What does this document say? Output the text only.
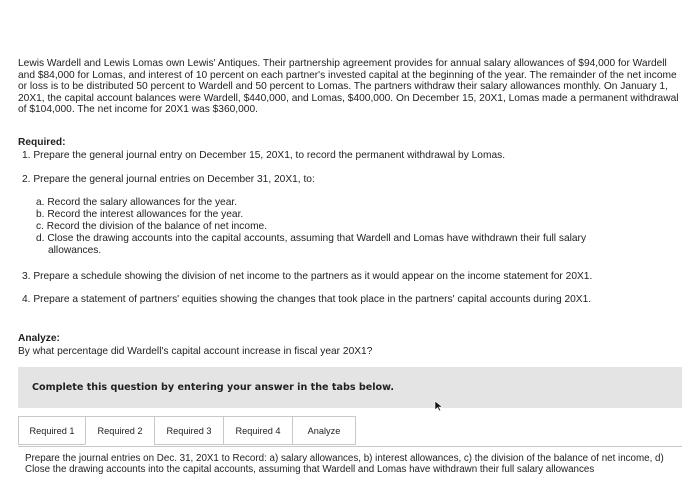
Lewis Wardell and Lewis Lomas own Lewis' Antiques. Their partnership agreement provides for annual salary allowances of $94,000 for Wardell and $84,000 for Lomas, and interest of 10 percent on each partner's invested capital at the beginning of the year. The remainder of the net income or loss is to be distributed 50 percent to Wardell and 50 percent to Lomas. The partners withdraw their salary allowances monthly. On January 1, 20X1, the capital account balances were Wardell, $440,000, and Lomas, $400,000. On December 15, 20X1, Lomas made a permanent withdrawal of $104,000. The net income for 20X1 was $360,000.
Required:
1. Prepare the general journal entry on December 15, 20X1, to record the permanent withdrawal by Lomas.
2. Prepare the general journal entries on December 31, 20X1, to:
a. Record the salary allowances for the year.
b. Record the interest allowances for the year.
c. Record the division of the balance of net income.
d. Close the drawing accounts into the capital accounts, assuming that Wardell and Lomas have withdrawn their full salary allowances.
3. Prepare a schedule showing the division of net income to the partners as it would appear on the income statement for 20X1.
4. Prepare a statement of partners' equities showing the changes that took place in the partners' capital accounts during 20X1.
Analyze:
By what percentage did Wardell's capital account increase in fiscal year 20X1?
Complete this question by entering your answer in the tabs below.
Required 1	Required 2	Required 3	Required 4	Analyze
Prepare the journal entries on Dec. 31, 20X1 to Record: a) salary allowances, b) interest allowances, c) the division of the balance of net income, d) Close the drawing accounts into the capital accounts, assuming that Wardell and Lomas have withdrawn their full salary allowances
